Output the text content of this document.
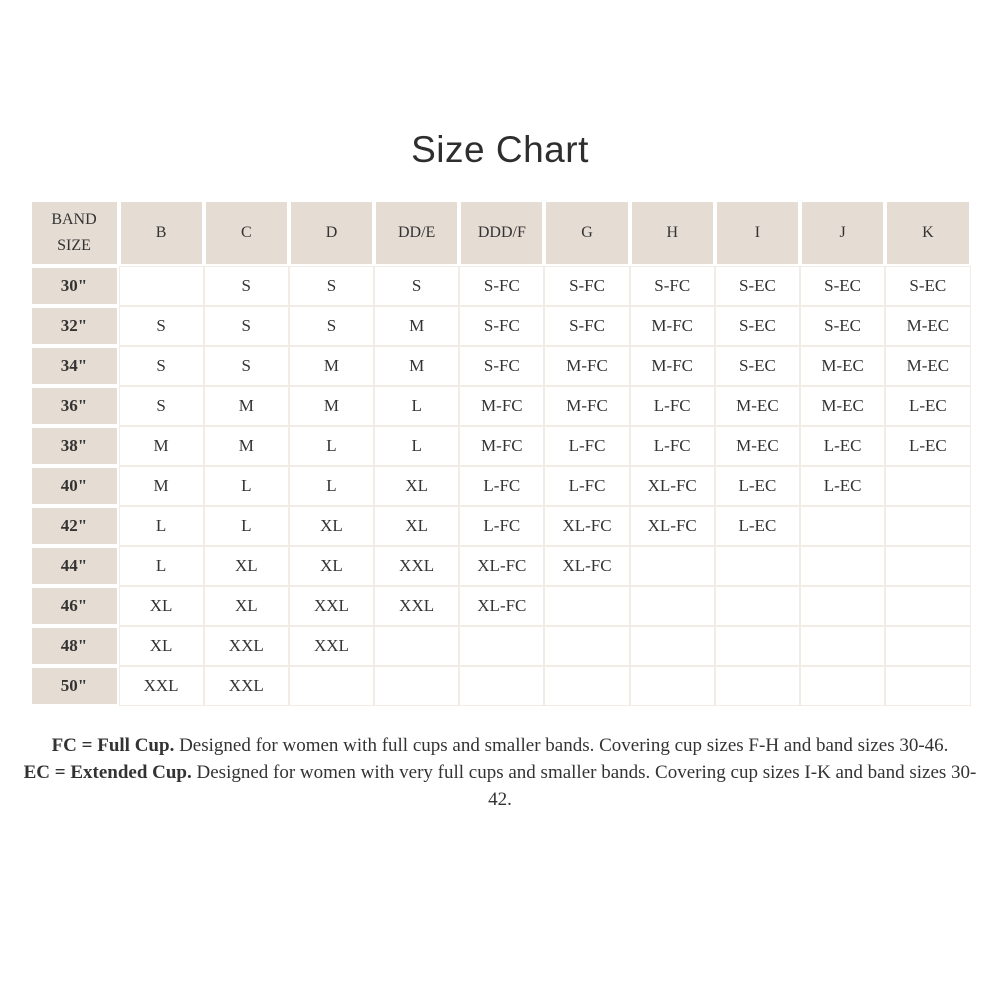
Size Chart
BAND SIZE	B	C	D	DD/E	DDD/F	G	H	I	J	K
30"		S	S	S	S-FC	S-FC	S-FC	S-EC	S-EC	S-EC
32"	S	S	S	M	S-FC	S-FC	M-FC	S-EC	S-EC	M-EC
34"	S	S	M	M	S-FC	M-FC	M-FC	S-EC	M-EC	M-EC
36"	S	M	M	L	M-FC	M-FC	L-FC	M-EC	M-EC	L-EC
38"	M	M	L	L	M-FC	L-FC	L-FC	M-EC	L-EC	L-EC
40"	M	L	L	XL	L-FC	L-FC	XL-FC	L-EC	L-EC	
42"	L	L	XL	XL	L-FC	XL-FC	XL-FC	L-EC		
44"	L	XL	XL	XXL	XL-FC	XL-FC				
46"	XL	XL	XXL	XXL	XL-FC					
48"	XL	XXL	XXL							
50"	XXL	XXL								

FC = Full Cup. Designed for women with full cups and smaller bands. Covering cup sizes F-H and band sizes 30-46.

EC = Extended Cup. Designed for women with very full cups and smaller bands. Covering cup sizes I-K and band sizes 30-42.
